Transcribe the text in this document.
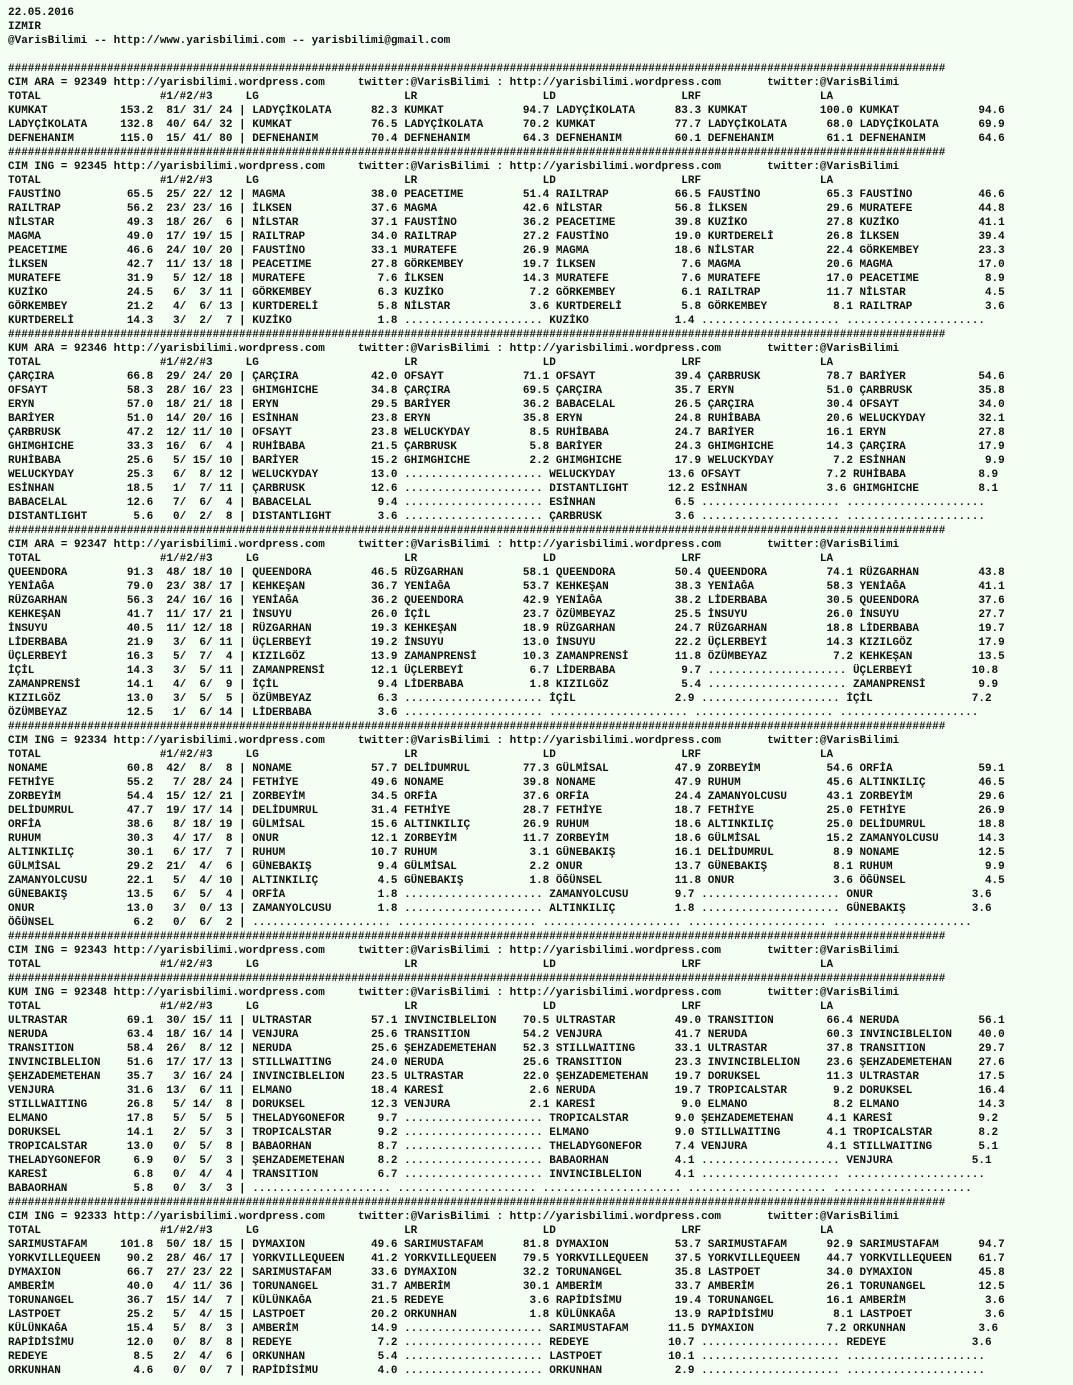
22.05.2016
IZMIR
@VarisBilimi -- http://www.yarisbilimi.com -- yarisbilimi@gmail.com
##############################################################################################################################################
CIM ARA = 92349 http://yarisbilimi.wordpress.com     twitter:@VarisBilimi : http://yarisbilimi.wordpress.com       twitter:@VarisBilimi
TOTAL                  #1/#2/#3     LG                      LR                   LD                   LRF                  LA
KUMKAT           153.2  81/ 31/ 24 | LADYÇİKOLATA      82.3 KUMKAT            94.7 LADYÇİKOLATA      83.3 KUMKAT           100.0 KUMKAT            94.6
LADYÇİKOLATA     132.8  40/ 64/ 32 | KUMKAT            76.5 LADYÇİKOLATA      70.2 KUMKAT            77.7 LADYÇİKOLATA      68.0 LADYÇİKOLATA      69.9
DEFNEHANIM       115.0  15/ 41/ 80 | DEFNEHANIM        70.4 DEFNEHANIM        64.3 DEFNEHANIM        60.1 DEFNEHANIM        61.1 DEFNEHANIM        64.6
##############################################################################################################################################
CIM ING = 92345 http://yarisbilimi.wordpress.com     twitter:@VarisBilimi : http://yarisbilimi.wordpress.com       twitter:@VarisBilimi
TOTAL                  #1/#2/#3     LG                      LR                   LD                   LRF                  LA
FAUSTİNO          65.5  25/ 22/ 12 | MAGMA             38.0 PEACETIME         51.4 RAILTRAP          66.5 FAUSTİNO          65.3 FAUSTİNO          46.6
RAILTRAP          56.2  23/ 23/ 16 | İLKSEN            37.6 MAGMA             42.6 NİLSTAR           56.8 İLKSEN            29.6 MURATEFE          44.8
NİLSTAR           49.3  18/ 26/  6 | NİLSTAR           37.1 FAUSTİNO          36.2 PEACETIME         39.8 KUZİKO            27.8 KUZİKO            41.1
MAGMA             49.0  17/ 19/ 15 | RAILTRAP          34.0 RAILTRAP          27.2 FAUSTİNO          19.0 KURTDERELİ        26.8 İLKSEN            39.4
PEACETIME         46.6  24/ 10/ 20 | FAUSTİNO          33.1 MURATEFE          26.9 MAGMA             18.6 NİLSTAR           22.4 GÖRKEMBEY         23.3
İLKSEN            42.7  11/ 13/ 18 | PEACETIME         27.8 GÖRKEMBEY         19.7 İLKSEN             7.6 MAGMA             20.6 MAGMA             17.0
MURATEFE          31.9   5/ 12/ 18 | MURATEFE           7.6 İLKSEN            14.3 MURATEFE           7.6 MURATEFE          17.0 PEACETIME          8.9
KUZİKO            24.5   6/  3/ 11 | GÖRKEMBEY          6.3 KUZİKO             7.2 GÖRKEMBEY          6.1 RAILTRAP          11.7 NİLSTAR            4.5
GÖRKEMBEY         21.2   4/  6/ 13 | KURTDERELİ         5.8 NİLSTAR            3.6 KURTDERELİ         5.8 GÖRKEMBEY          8.1 RAILTRAP           3.6
KURTDERELİ        14.3   3/  2/  7 | KUZİKO             1.8 ..................... KUZİKO             1.4 ..................... .....................
##############################################################################################################################################
KUM ARA = 92346 http://yarisbilimi.wordpress.com     twitter:@VarisBilimi : http://yarisbilimi.wordpress.com       twitter:@VarisBilimi
TOTAL                  #1/#2/#3     LG                      LR                   LD                   LRF                  LA
ÇARÇIRA           66.8  29/ 24/ 20 | ÇARÇIRA           42.0 OFSAYT            71.1 OFSAYT            39.4 ÇARBRUSK          78.7 BARİYER           54.6
OFSAYT            58.3  28/ 16/ 23 | GHIMGHICHE        34.8 ÇARÇIRA           69.5 ÇARÇIRA           35.7 ERYN              51.0 ÇARBRUSK          35.8
ERYN              57.0  18/ 21/ 18 | ERYN              29.5 BARİYER           36.2 BABACELAL         26.5 ÇARÇIRA           30.4 OFSAYT            34.0
BARİYER           51.0  14/ 20/ 16 | ESİNHAN           23.8 ERYN              35.8 ERYN              24.8 RUHİBABA          20.6 WELUCKYDAY        32.1
ÇARBRUSK          47.2  12/ 11/ 10 | OFSAYT            23.8 WELUCKYDAY         8.5 RUHİBABA          24.7 BARİYER           16.1 ERYN              27.8
GHIMGHICHE        33.3  16/  6/  4 | RUHİBABA          21.5 ÇARBRUSK           5.8 BARİYER           24.3 GHIMGHICHE        14.3 ÇARÇIRA           17.9
RUHİBABA          25.6   5/ 15/ 10 | BARİYER           15.2 GHIMGHICHE         2.2 GHIMGHICHE        17.9 WELUCKYDAY         7.2 ESİNHAN            9.9
WELUCKYDAY        25.3   6/  8/ 12 | WELUCKYDAY        13.0 ..................... WELUCKYDAY        13.6 OFSAYT             7.2 RUHİBABA           8.9
ESİNHAN           18.5   1/  7/ 11 | ÇARBRUSK          12.6 ..................... DISTANTLIGHT      12.2 ESİNHAN            3.6 GHIMGHICHE         8.1
BABACELAL         12.6   7/  6/  4 | BABACELAL          9.4 ..................... ESİNHAN            6.5 ..................... .....................
DISTANTLIGHT       5.6   0/  2/  8 | DISTANTLIGHT       3.6 ..................... ÇARBRUSK           3.6 ..................... .....................
##############################################################################################################################################
CIM ARA = 92347 http://yarisbilimi.wordpress.com     twitter:@VarisBilimi : http://yarisbilimi.wordpress.com       twitter:@VarisBilimi
TOTAL                  #1/#2/#3     LG                      LR                   LD                   LRF                  LA
QUEENDORA         91.3  48/ 18/ 10 | QUEENDORA         46.5 RÜZGARHAN         58.1 QUEENDORA         50.4 QUEENDORA         74.1 RÜZGARHAN         43.8
YENİAĞA           79.0  23/ 38/ 17 | KEHKEŞAN          36.7 YENİAĞA           53.7 KEHKEŞAN          38.3 YENİAĞA           58.3 YENİAĞA           41.1
RÜZGARHAN         56.3  24/ 16/ 16 | YENİAĞA           36.2 QUEENDORA         42.9 YENİAĞA           38.2 LİDERBABA         30.5 QUEENDORA         37.6
KEHKEŞAN          41.7  11/ 17/ 21 | İNSUYU            26.0 İÇİL              23.7 ÖZÜMBEYAZ         25.5 İNSUYU            26.0 İNSUYU            27.7
İNSUYU            40.5  11/ 12/ 18 | RÜZGARHAN         19.3 KEHKEŞAN          18.9 RÜZGARHAN         24.7 RÜZGARHAN         18.8 LİDERBABA         19.7
LİDERBABA         21.9   3/  6/ 11 | ÜÇLERBEYİ         19.2 İNSUYU            13.0 İNSUYU            22.2 ÜÇLERBEYİ         14.3 KIZILGÖZ          17.9
ÜÇLERBEYİ         16.3   5/  7/  4 | KIZILGÖZ          13.9 ZAMANPRENSİ       10.3 ZAMANPRENSİ       11.8 ÖZÜMBEYAZ          7.2 KEHKEŞAN          13.5
İÇİL              14.3   3/  5/ 11 | ZAMANPRENSİ       12.1 ÜÇLERBEYİ          6.7 LİDERBABA          9.7 ..................... ÜÇLERBEYİ         10.8
ZAMANPRENSİ       14.1   4/  6/  9 | İÇİL               9.4 LİDERBABA          1.8 KIZILGÖZ           5.4 ..................... ZAMANPRENSİ        9.9
KIZILGÖZ          13.0   3/  5/  5 | ÖZÜMBEYAZ          6.3 ..................... İÇİL               2.9 ..................... İÇİL               7.2
ÖZÜMBEYAZ         12.5   1/  6/ 14 | LİDERBABA          3.6 ..................... ..................... ..................... .....................
##############################################################################################################################################
CIM ING = 92334 http://yarisbilimi.wordpress.com     twitter:@VarisBilimi : http://yarisbilimi.wordpress.com       twitter:@VarisBilimi
TOTAL                  #1/#2/#3     LG                      LR                   LD                   LRF                  LA
NONAME            60.8  42/  8/  8 | NONAME            57.7 DELİDUMRUL        77.3 GÜLMİSAL          47.9 ZORBEYİM          54.6 ORFİA             59.1
FETHİYE           55.2   7/ 28/ 24 | FETHİYE           49.6 NONAME            39.8 NONAME            47.9 RUHUM             45.6 ALTINKILIÇ        46.5
ZORBEYİM          54.4  15/ 12/ 21 | ZORBEYİM          34.5 ORFİA             37.6 ORFİA             24.4 ZAMANYOLCUSU      43.1 ZORBEYİM          29.6
DELİDUMRUL        47.7  19/ 17/ 14 | DELİDUMRUL        31.4 FETHİYE           28.7 FETHİYE           18.7 FETHİYE           25.0 FETHİYE           26.9
ORFİA             38.6   8/ 18/ 19 | GÜLMİSAL          15.6 ALTINKILIÇ        26.9 RUHUM             18.6 ALTINKILIÇ        25.0 DELİDUMRUL        18.8
RUHUM             30.3   4/ 17/  8 | ONUR              12.1 ZORBEYİM          11.7 ZORBEYİM          18.6 GÜLMİSAL          15.2 ZAMANYOLCUSU      14.3
ALTINKILIÇ        30.1   6/ 17/  7 | RUHUM             10.7 RUHUM              3.1 GÜNEBAKIŞ         16.1 DELİDUMRUL         8.9 NONAME            12.5
GÜLMİSAL          29.2  21/  4/  6 | GÜNEBAKIŞ          9.4 GÜLMİSAL           2.2 ONUR              13.7 GÜNEBAKIŞ          8.1 RUHUM              9.9
ZAMANYOLCUSU      22.1   5/  4/ 10 | ALTINKILIÇ         4.5 GÜNEBAKIŞ          1.8 ÖĞÜNSEL           11.8 ONUR               3.6 ÖĞÜNSEL            4.5
GÜNEBAKIŞ         13.5   6/  5/  4 | ORFİA              1.8 ..................... ZAMANYOLCUSU       9.7 ..................... ONUR               3.6
ONUR              13.0   3/  0/ 13 | ZAMANYOLCUSU       1.8 ..................... ALTINKILIÇ         1.8 ..................... GÜNEBAKIŞ          3.6
ÖĞÜNSEL            6.2   0/  6/  2 | ..................... ..................... ..................... ..................... .....................
##############################################################################################################################################
CIM ING = 92343 http://yarisbilimi.wordpress.com     twitter:@VarisBilimi : http://yarisbilimi.wordpress.com       twitter:@VarisBilimi
TOTAL                  #1/#2/#3     LG                      LR                   LD                   LRF                  LA
##############################################################################################################################################
KUM ING = 92348 http://yarisbilimi.wordpress.com     twitter:@VarisBilimi : http://yarisbilimi.wordpress.com       twitter:@VarisBilimi
TOTAL                  #1/#2/#3     LG                      LR                   LD                   LRF                  LA
ULTRASTAR         69.1  30/ 15/ 11 | ULTRASTAR         57.1 INVINCIBLELION    70.5 ULTRASTAR         49.0 TRANSITION        66.4 NERUDA            56.1
NERUDA            63.4  18/ 16/ 14 | VENJURA           25.6 TRANSITION        54.2 VENJURA           41.7 NERUDA            60.3 INVINCIBLELION    40.0
TRANSITION        58.4  26/  8/ 12 | NERUDA            25.6 ŞEHZADEMETEHAN    52.3 STILLWAITING      33.1 ULTRASTAR         37.8 TRANSITION        29.7
INVINCIBLELION    51.6  17/ 17/ 13 | STILLWAITING      24.0 NERUDA            25.6 TRANSITION        23.3 INVINCIBLELION    23.6 ŞEHZADEMETEHAN    27.6
ŞEHZADEMETEHAN    35.7   3/ 16/ 24 | INVINCIBLELION    23.5 ULTRASTAR         22.0 ŞEHZADEMETEHAN    19.7 DORUKSEL          11.3 ULTRASTAR         17.5
VENJURA           31.6  13/  6/ 11 | ELMANO            18.4 KARESİ             2.6 NERUDA            19.7 TROPICALSTAR       9.2 DORUKSEL          16.4
STILLWAITING      26.8   5/ 14/  8 | DORUKSEL          12.3 VENJURA            2.1 KARESİ             9.0 ELMANO             8.2 ELMANO            14.3
ELMANO            17.8   5/  5/  5 | THELADYGONEFOR     9.7 ..................... TROPICALSTAR       9.0 ŞEHZADEMETEHAN     4.1 KARESİ             9.2
DORUKSEL          14.1   2/  5/  3 | TROPICALSTAR       9.2 ..................... ELMANO             9.0 STILLWAITING       4.1 TROPICALSTAR       8.2
TROPICALSTAR      13.0   0/  5/  8 | BABAORHAN          8.7 ..................... THELADYGONEFOR     7.4 VENJURA            4.1 STILLWAITING       5.1
THELADYGONEFOR     6.9   0/  5/  3 | ŞEHZADEMETEHAN     8.2 ..................... BABAORHAN          4.1 ..................... VENJURA            5.1
KARESİ             6.8   0/  4/  4 | TRANSITION         6.7 ..................... INVINCIBLELION     4.1 ..................... .....................
BABAORHAN          5.8   0/  3/  3 | ..................... ..................... ..................... ..................... .....................
##############################################################################################################################################
CIM ING = 92333 http://yarisbilimi.wordpress.com     twitter:@VarisBilimi : http://yarisbilimi.wordpress.com       twitter:@VarisBilimi
TOTAL                  #1/#2/#3     LG                      LR                   LD                   LRF                  LA
SARIMUSTAFAM     101.8  50/ 18/ 15 | DYMAXION          49.6 SARIMUSTAFAM      81.8 DYMAXION          53.7 SARIMUSTAFAM      92.9 SARIMUSTAFAM      94.7
YORKVILLEQUEEN    90.2  28/ 46/ 17 | YORKVILLEQUEEN    41.2 YORKVILLEQUEEN    79.5 YORKVILLEQUEEN    37.5 YORKVILLEQUEEN    44.7 YORKVILLEQUEEN    61.7
DYMAXION          66.7  27/ 23/ 22 | SARIMUSTAFAM      33.6 DYMAXION          32.2 TORUNANGEL        35.8 LASTPOET          34.0 DYMAXION          45.8
AMBERİM           40.0   4/ 11/ 36 | TORUNANGEL        31.7 AMBERİM           30.1 AMBERİM           33.7 AMBERİM           26.1 TORUNANGEL        12.5
TORUNANGEL        36.7  15/ 14/  7 | KÜLÜNKAĞA         21.5 REDEYE             3.6 RAPİDİSİMU        19.4 TORUNANGEL        16.1 AMBERİM            3.6
LASTPOET          25.2   5/  4/ 15 | LASTPOET          20.2 ORKUNHAN           1.8 KÜLÜNKAĞA         13.9 RAPİDİSİMU         8.1 LASTPOET           3.6
KÜLÜNKAĞA         15.4   5/  8/  3 | AMBERİM           14.9 ..................... SARIMUSTAFAM      11.5 DYMAXION           7.2 ORKUNHAN           3.6
RAPİDİSİMU        12.0   0/  8/  8 | REDEYE             7.2 ..................... REDEYE            10.7 ..................... REDEYE             3.6
REDEYE             8.5   2/  4/  6 | ORKUNHAN           5.4 ..................... LASTPOET          10.1 ..................... .....................
ORKUNHAN           4.6   0/  0/  7 | RAPİDİSİMU         4.0 ..................... ORKUNHAN           2.9 ..................... .....................
